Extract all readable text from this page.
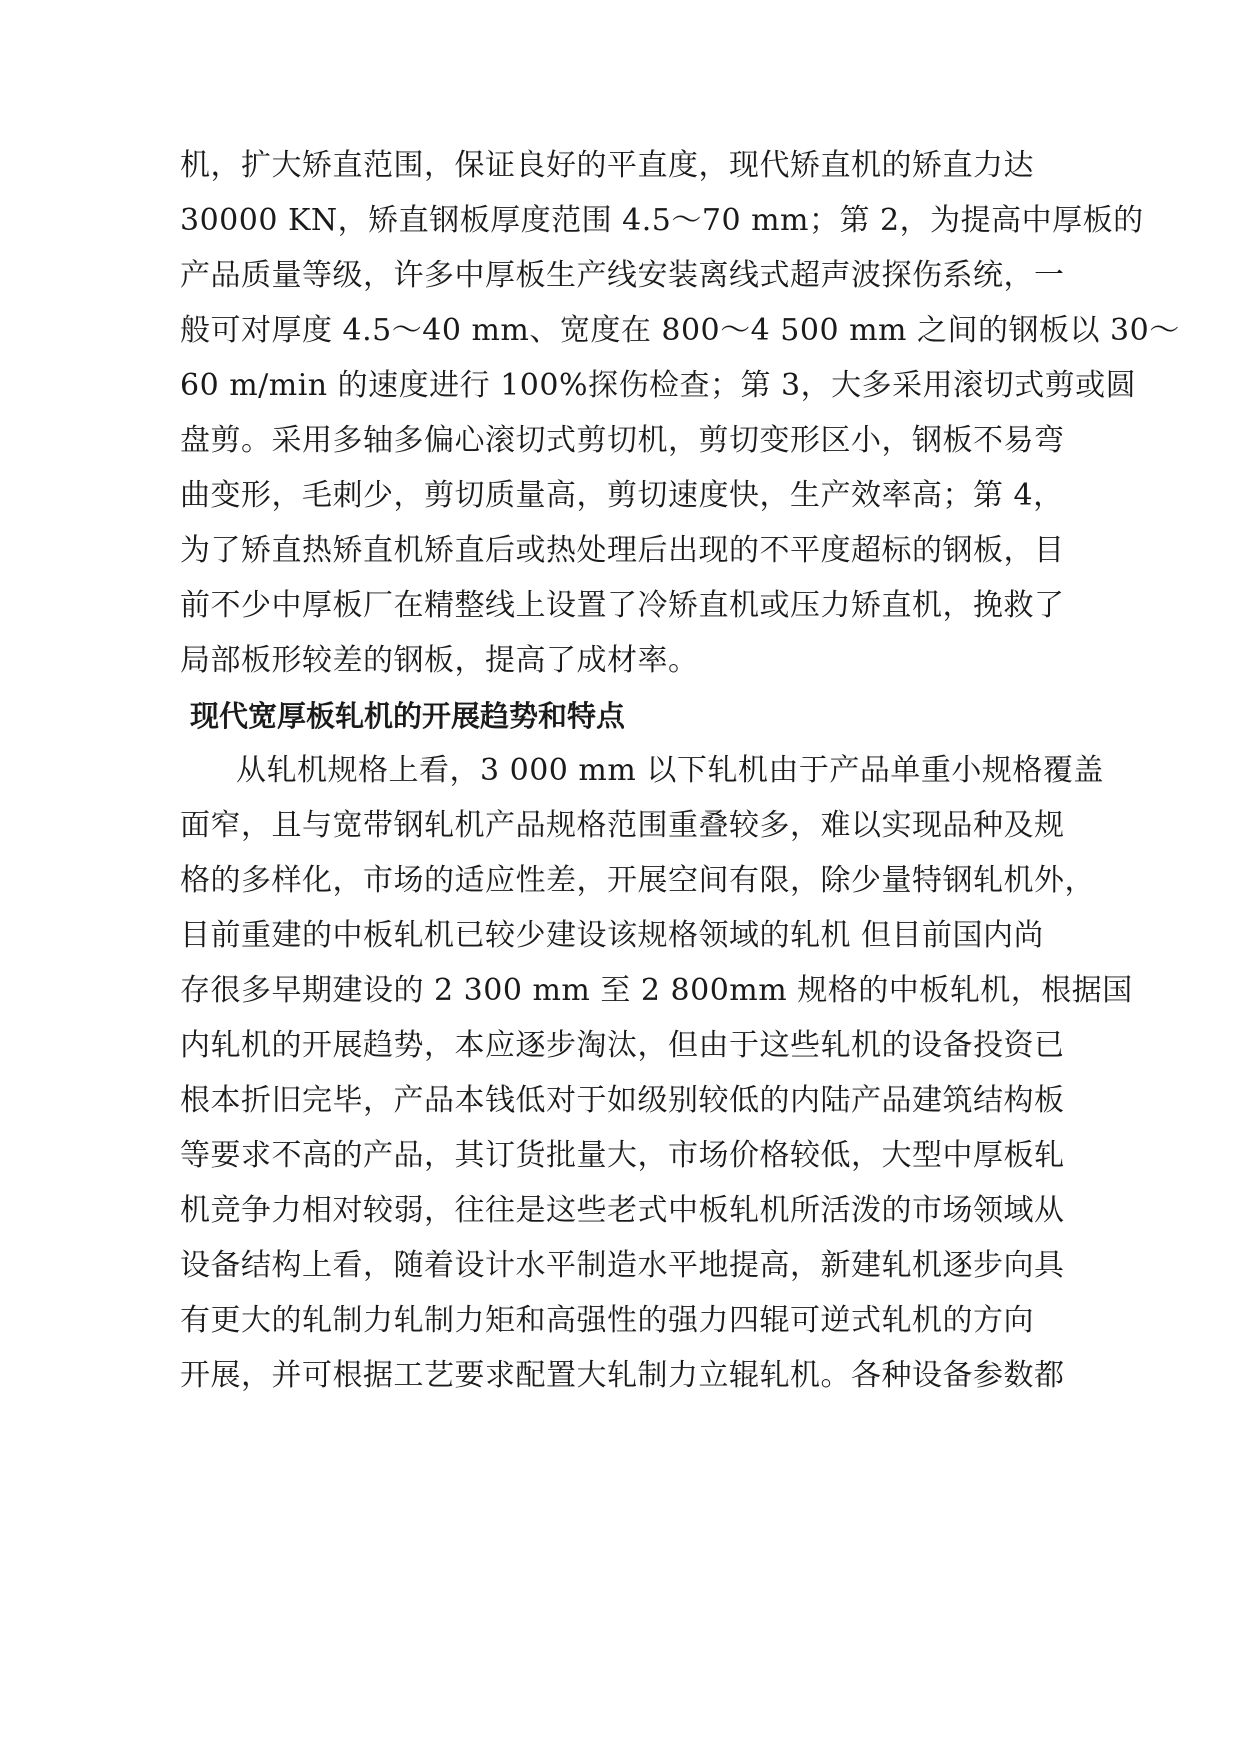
机，扩大矫直范围，保证良好的平直度，现代矫直机的矫直力达
30000 KN，矫直钢板厚度范围 4.5～70 mm；第 2，为提高中厚板的
产品质量等级，许多中厚板生产线安装离线式超声波探伤系统，一
般可对厚度 4.5～40 mm、宽度在 800～4 500 mm 之间的钢板以 30～
60 m/min 的速度进行 100%探伤检查；第 3，大多采用滚切式剪或圆
盘剪。采用多轴多偏心滚切式剪切机，剪切变形区小，钢板不易弯
曲变形，毛刺少，剪切质量高，剪切速度快，生产效率高；第 4，
为了矫直热矫直机矫直后或热处理后出现的不平度超标的钢板，目
前不少中厚板厂在精整线上设置了冷矫直机或压力矫直机，挽救了
局部板形较差的钢板，提高了成材率。
现代宽厚板轧机的开展趋势和特点
从轧机规格上看，3 000 mm 以下轧机由于产品单重小规格覆盖
面窄，且与宽带钢轧机产品规格范围重叠较多，难以实现品种及规
格的多样化，市场的适应性差，开展空间有限，除少量特钢轧机外，
目前重建的中板轧机已较少建设该规格领域的轧机 但目前国内尚
存很多早期建设的 2 300 mm 至 2 800mm 规格的中板轧机，根据国
内轧机的开展趋势，本应逐步淘汰，但由于这些轧机的设备投资已
根本折旧完毕，产品本钱低对于如级别较低的内陆产品建筑结构板
等要求不高的产品，其订货批量大，市场价格较低，大型中厚板轧
机竞争力相对较弱，往往是这些老式中板轧机所活泼的市场领域从
设备结构上看，随着设计水平制造水平地提高，新建轧机逐步向具
有更大的轧制力轧制力矩和高强性的强力四辊可逆式轧机的方向
开展，并可根据工艺要求配置大轧制力立辊轧机。各种设备参数都
